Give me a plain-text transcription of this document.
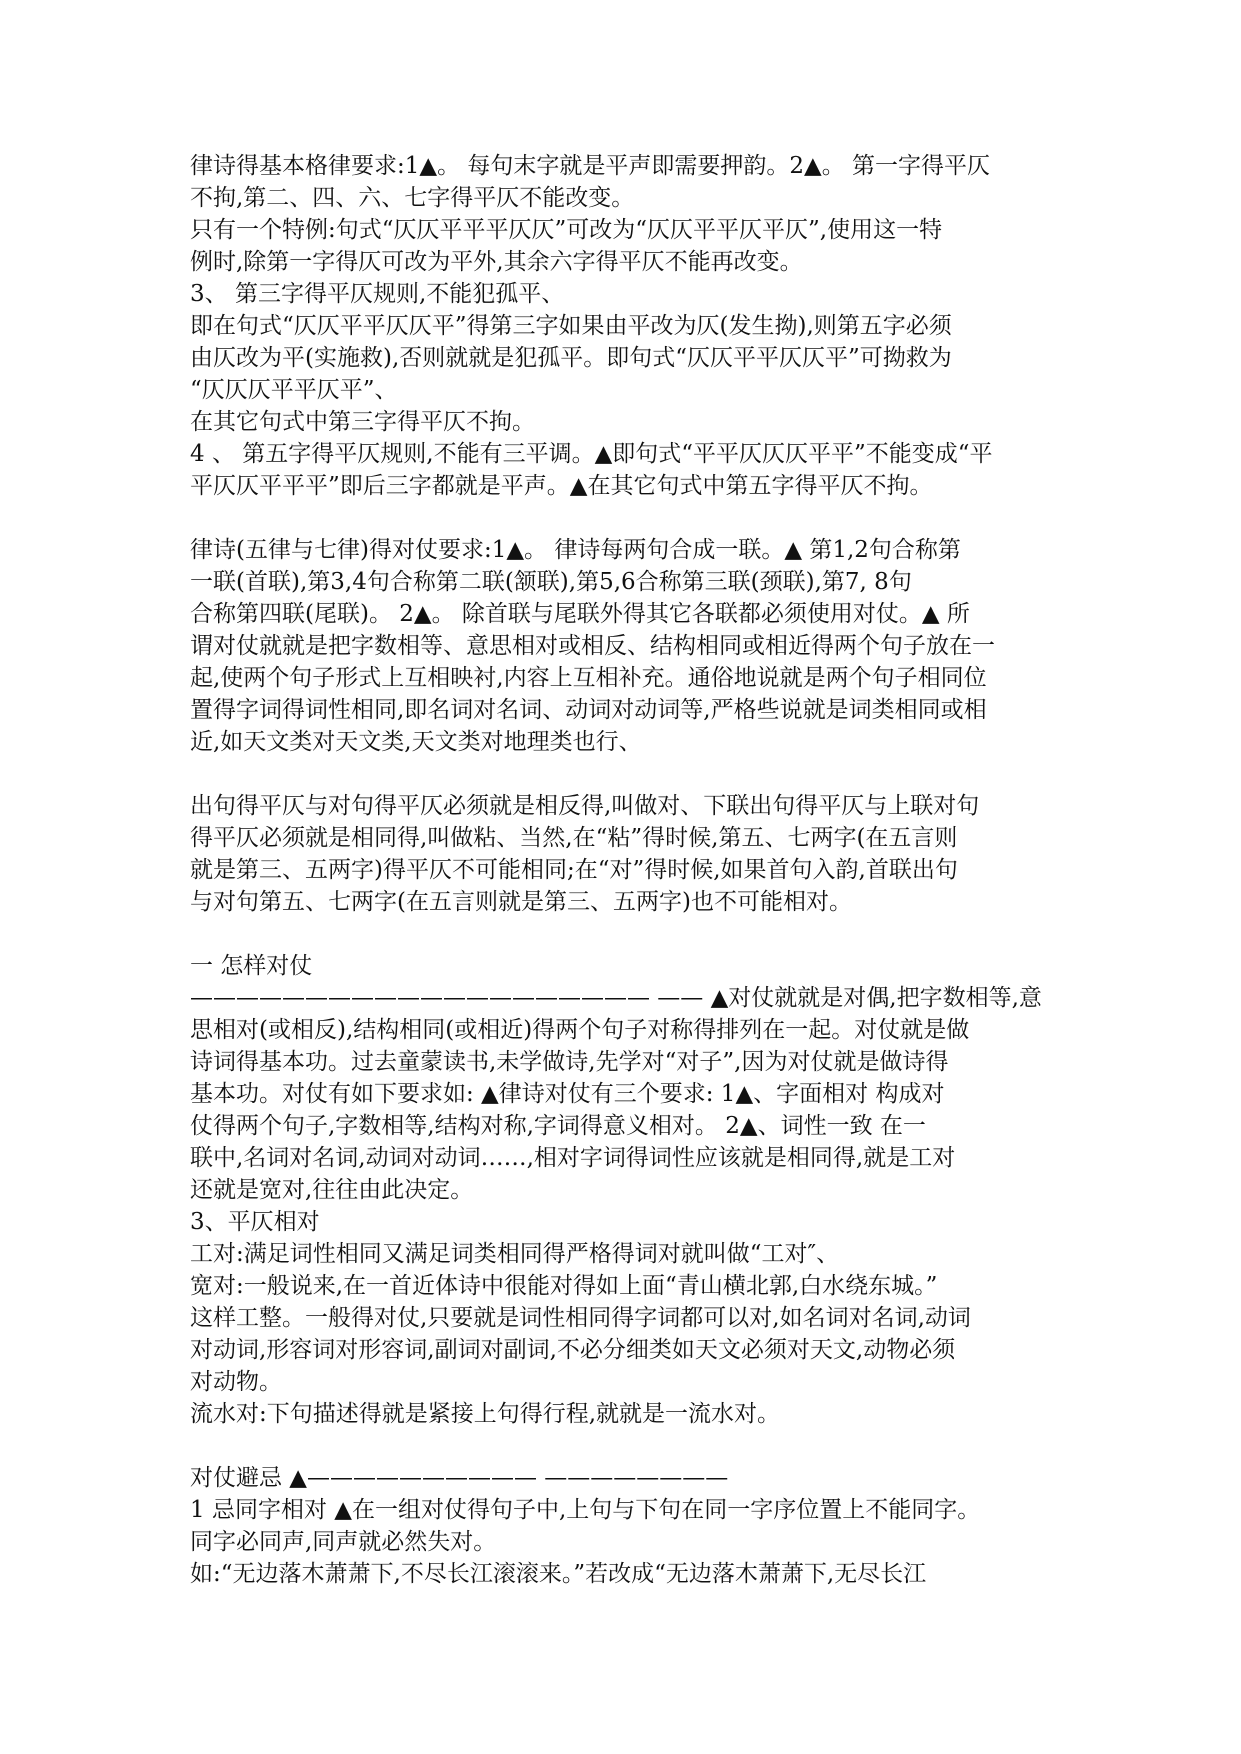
律诗得基本格律要求:1▲。 每句末字就是平声即需要押韵。2▲。 第一字得平仄
不拘,第二、四、六、七字得平仄不能改变。
只有一个特例:句式“仄仄平平平仄仄”可改为“仄仄平平仄平仄”,使用这一特
例时,除第一字得仄可改为平外,其余六字得平仄不能再改变。
3、 第三字得平仄规则,不能犯孤平、
即在句式“仄仄平平仄仄平”得第三字如果由平改为仄(发生拗),则第五字必须
由仄改为平(实施救),否则就就是犯孤平。即句式“仄仄平平仄仄平”可拗救为
“仄仄仄平平仄平”、
在其它句式中第三字得平仄不拘。
4 、 第五字得平仄规则,不能有三平调。▲即句式“平平仄仄仄平平”不能变成“平
平仄仄平平平”即后三字都就是平声。▲在其它句式中第五字得平仄不拘。
律诗(五律与七律)得对仗要求:1▲。 律诗每两句合成一联。▲ 第1,2句合称第
一联(首联),第3,4句合称第二联(颔联),第5,6合称第三联(颈联),第7, 8句
合称第四联(尾联)。 2▲。 除首联与尾联外得其它各联都必须使用对仗。▲ 所
谓对仗就就是把字数相等、意思相对或相反、结构相同或相近得两个句子放在一
起,使两个句子形式上互相映衬,内容上互相补充。通俗地说就是两个句子相同位
置得字词得词性相同,即名词对名词、动词对动词等,严格些说就是词类相同或相
近,如天文类对天文类,天文类对地理类也行、
出句得平仄与对句得平仄必须就是相反得,叫做对、下联出句得平仄与上联对句
得平仄必须就是相同得,叫做粘、当然,在“粘”得时候,第五、七两字(在五言则
就是第三、五两字)得平仄不可能相同;在“对”得时候,如果首句入韵,首联出句
与对句第五、七两字(在五言则就是第三、五两字)也不可能相对。
一 怎样对仗
———————————————————— —— ▲对仗就就是对偶,把字数相等,意
思相对(或相反),结构相同(或相近)得两个句子对称得排列在一起。对仗就是做
诗词得基本功。过去童蒙读书,未学做诗,先学对“对子”,因为对仗就是做诗得
基本功。对仗有如下要求如: ▲律诗对仗有三个要求: 1▲、字面相对 构成对
仗得两个句子,字数相等,结构对称,字词得意义相对。 2▲、词性一致 在一
联中,名词对名词,动词对动词……,相对字词得词性应该就是相同得,就是工对
还就是宽对,往往由此决定。
3、平仄相对
工对:满足词性相同又满足词类相同得严格得词对就叫做“工对″、
宽对:一般说来,在一首近体诗中很能对得如上面“青山横北郭,白水绕东城。”
这样工整。一般得对仗,只要就是词性相同得字词都可以对,如名词对名词,动词
对动词,形容词对形容词,副词对副词,不必分细类如天文必须对天文,动物必须
对动物。
流水对:下句描述得就是紧接上句得行程,就就是一流水对。
对仗避忌 ▲—————————— ————————
1 忌同字相对 ▲在一组对仗得句子中,上句与下句在同一字序位置上不能同字。
同字必同声,同声就必然失对。
如:“无边落木萧萧下,不尽长江滚滚来。”若改成“无边落木萧萧下,无尽长江
